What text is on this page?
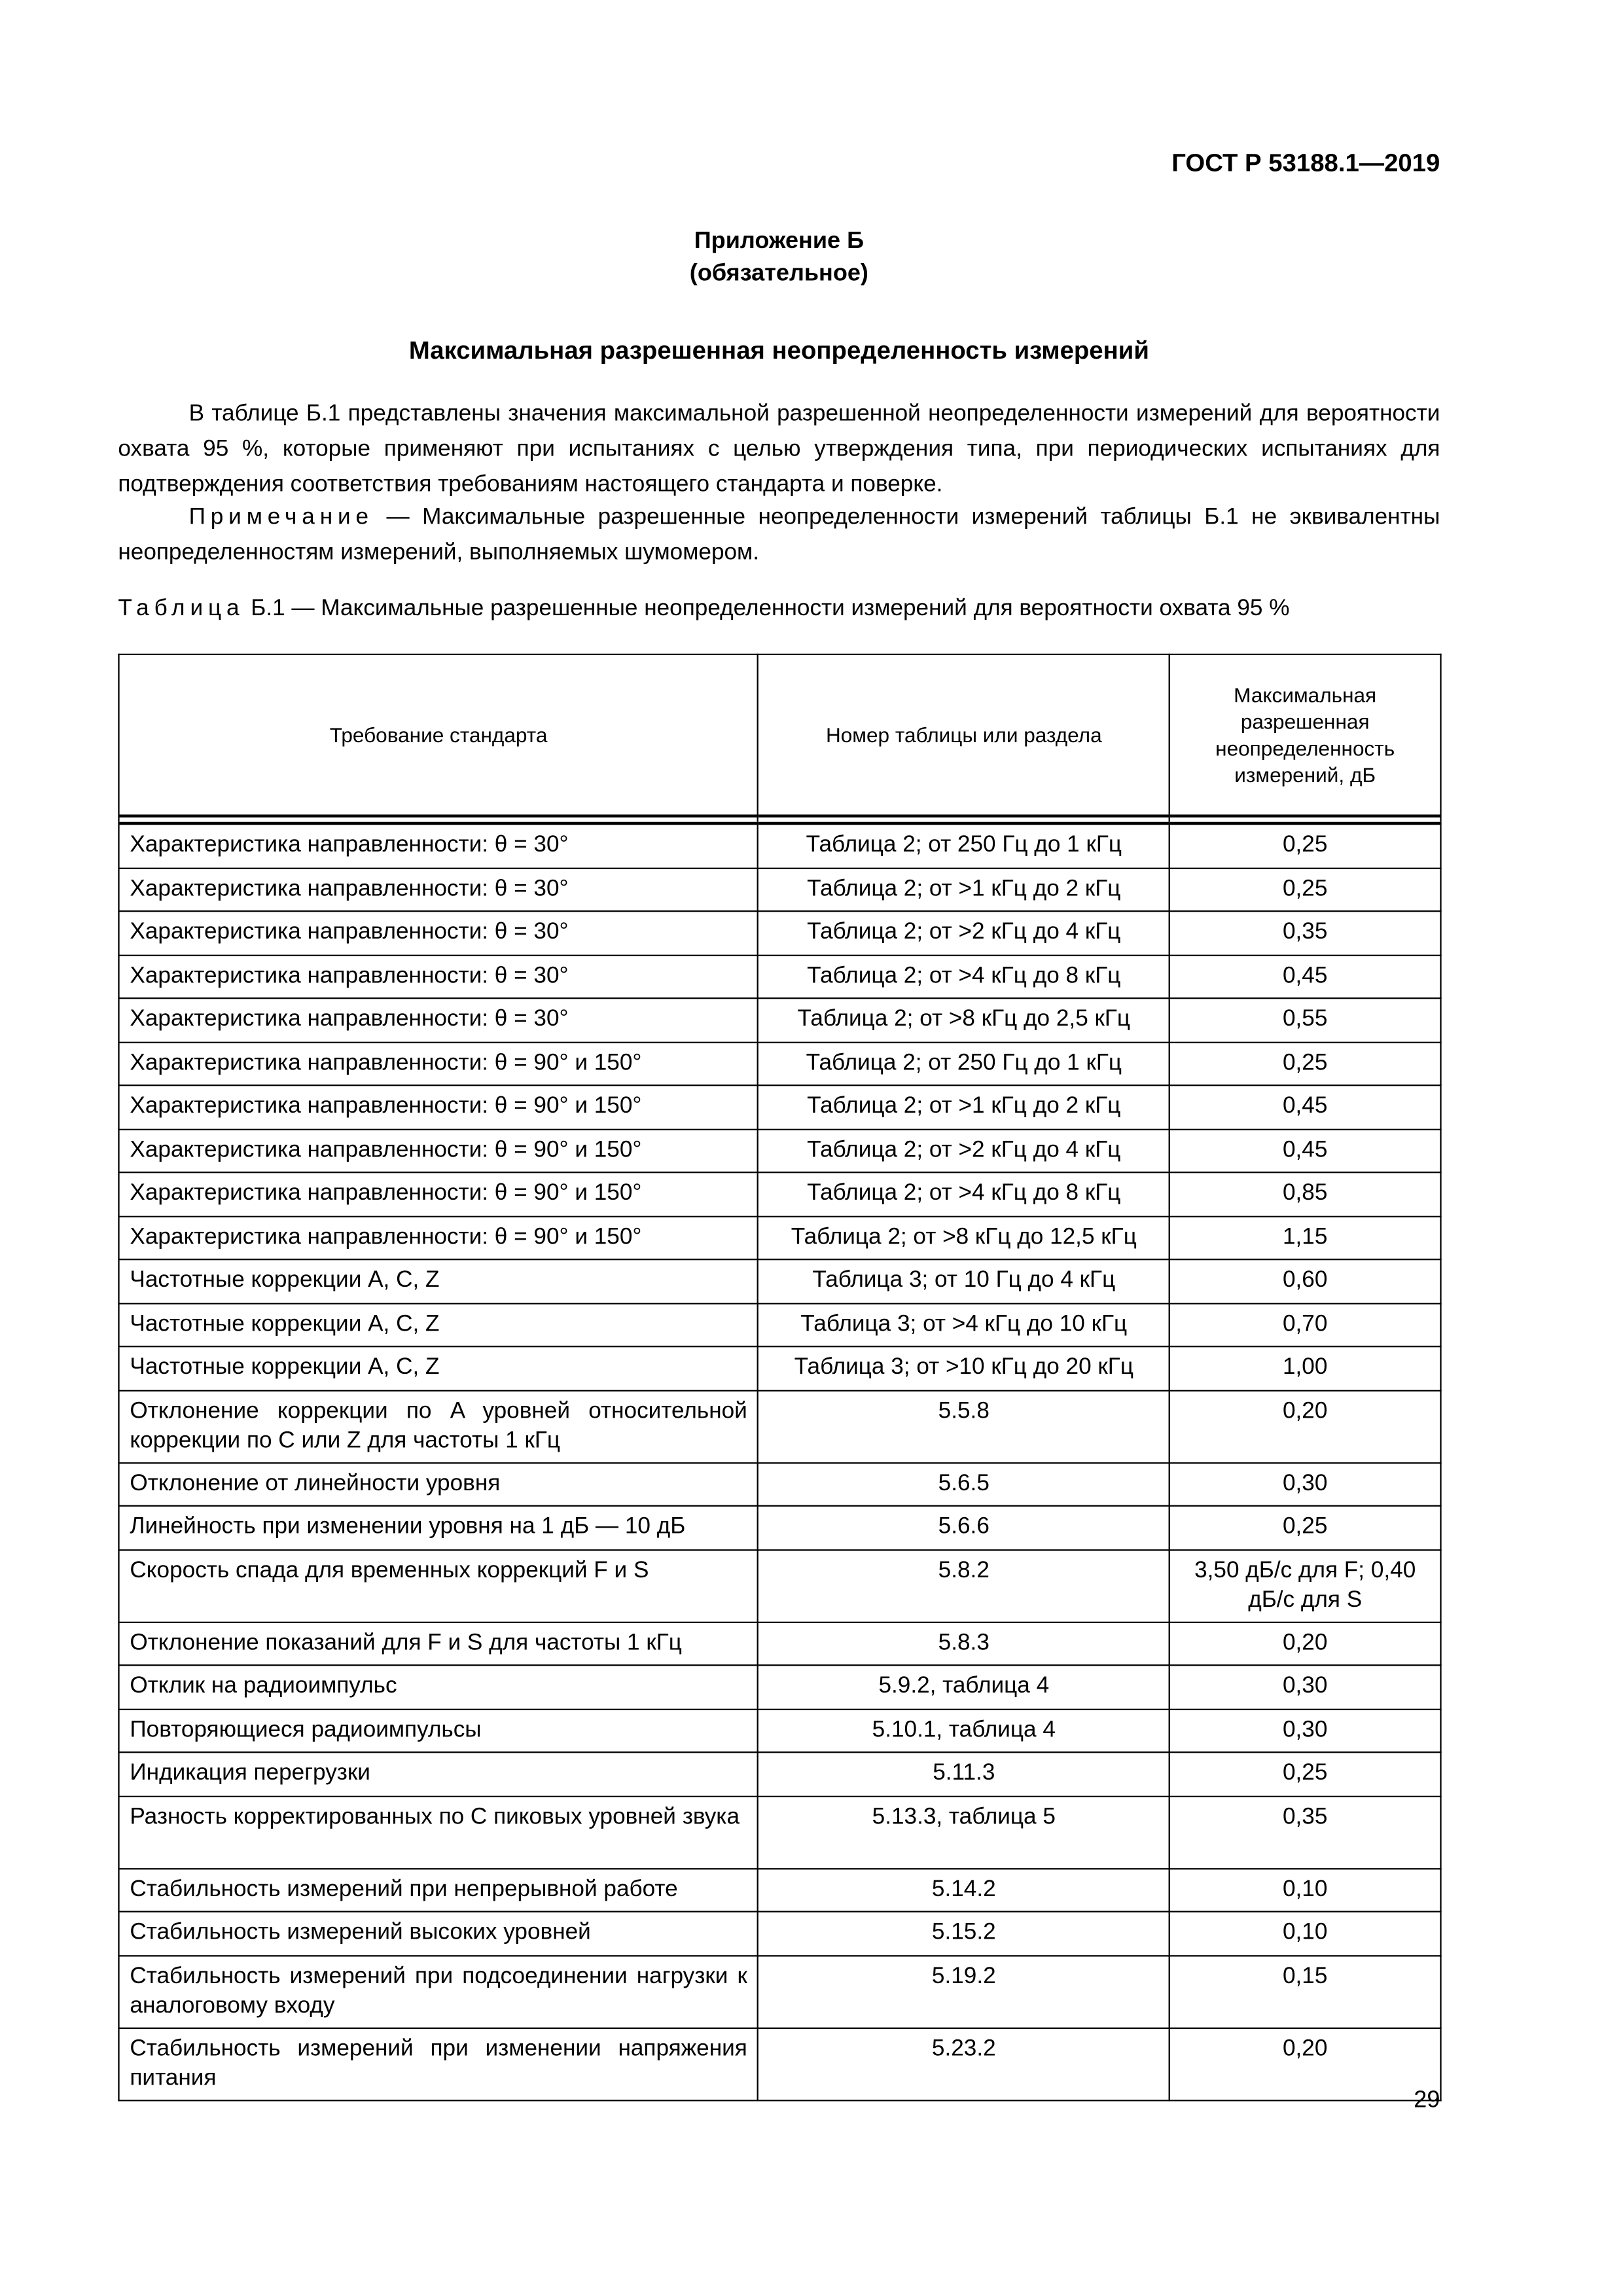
ГОСТ Р 53188.1—2019
Приложение Б
(обязательное)
Максимальная разрешенная неопределенность измерений
В таблице Б.1 представлены значения максимальной разрешенной неопределенности измерений для вероятности охвата 95 %, которые применяют при испытаниях с целью утверждения типа, при периодических испытаниях для подтверждения соответствия требованиям настоящего стандарта и поверке.
Примечание — Максимальные разрешенные неопределенности измерений таблицы Б.1 не эквивалентны неопределенностям измерений, выполняемых шумомером.
Таблица Б.1 — Максимальные разрешенные неопределенности измерений для вероятности охвата 95 %
Требование стандарта	Номер таблицы или раздела	Максимальная разрешенная неопределенность измерений, дБ

Характеристика направленности: θ = 30°	Таблица 2; от 250 Гц до 1 кГц	0,25
Характеристика направленности: θ = 30°	Таблица 2; от >1 кГц до 2 кГц	0,25
Характеристика направленности: θ = 30°	Таблица 2; от >2 кГц до 4 кГц	0,35
Характеристика направленности: θ = 30°	Таблица 2; от >4 кГц до 8 кГц	0,45
Характеристика направленности: θ = 30°	Таблица 2; от >8 кГц до 2,5 кГц	0,55
Характеристика направленности: θ = 90° и 150°	Таблица 2; от 250 Гц до 1 кГц	0,25
Характеристика направленности: θ = 90° и 150°	Таблица 2; от >1 кГц до 2 кГц	0,45
Характеристика направленности: θ = 90° и 150°	Таблица 2; от >2 кГц до 4 кГц	0,45
Характеристика направленности: θ = 90° и 150°	Таблица 2; от >4 кГц до 8 кГц	0,85
Характеристика направленности: θ = 90° и 150°	Таблица 2; от >8 кГц до 12,5 кГц	1,15
Частотные коррекции A, C, Z	Таблица 3; от 10 Гц до 4 кГц	0,60
Частотные коррекции A, C, Z	Таблица 3; от >4 кГц до 10 кГц	0,70
Частотные коррекции A, C, Z	Таблица 3; от >10 кГц до 20 кГц	1,00
Отклонение коррекции по A уровней относительной коррекции по C или Z для частоты 1 кГц	5.5.8	0,20
Отклонение от линейности уровня	5.6.5	0,30
Линейность при изменении уровня на 1 дБ — 10 дБ	5.6.6	0,25
Скорость спада для временных коррекций F и S	5.8.2	3,50 дБ/с для F; 0,40 дБ/с для S
Отклонение показаний для F и S для частоты 1 кГц	5.8.3	0,20
Отклик на радиоимпульс	5.9.2, таблица 4	0,30
Повторяющиеся радиоимпульсы	5.10.1, таблица 4	0,30
Индикация перегрузки	5.11.3	0,25
Разность корректированных по C пиковых уровней звука	5.13.3, таблица 5	0,35
Стабильность измерений при непрерывной работе	5.14.2	0,10
Стабильность измерений высоких уровней	5.15.2	0,10
Стабильность измерений при подсоединении нагрузки к аналоговому входу	5.19.2	0,15
Стабильность измерений при изменении напряжения питания	5.23.2	0,20
29
